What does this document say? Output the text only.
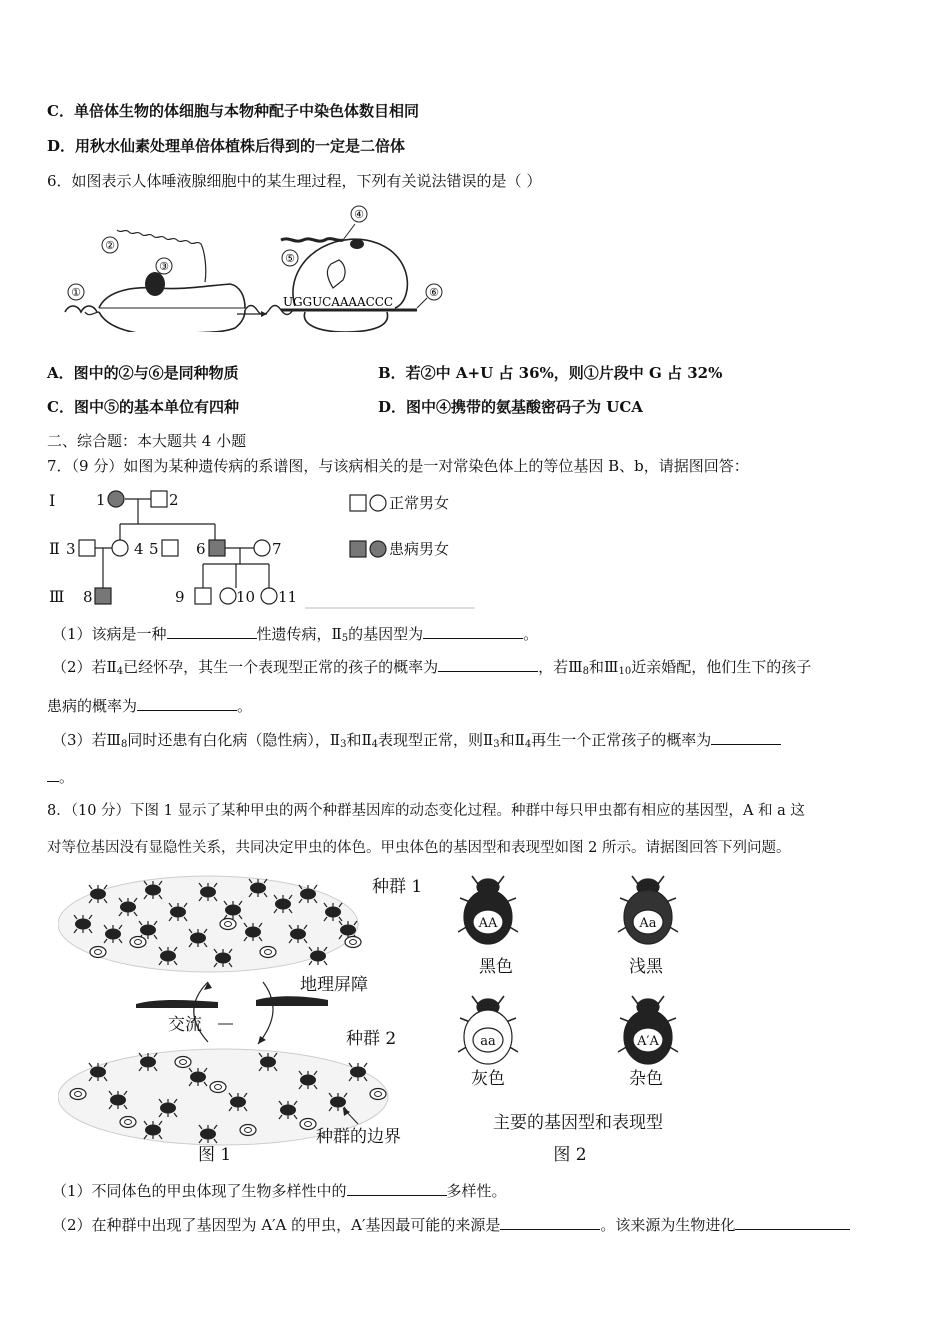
C．单倍体生物的体细胞与本物种配子中染色体数目相同
D．用秋水仙素处理单倍体植株后得到的一定是二倍体
6．如图表示人体唾液腺细胞中的某生理过程，下列有关说法错误的是（ ）
①
②
③
④
⑤
UGGUCAAAACCC
⑥
A．图中的②与⑥是同种物质	B．若②中 A+U 占 36%，则①片段中 G 占 32%
C．图中⑤的基本单位有四种	D．图中④携带的氨基酸密码子为 UCA
二、综合题：本大题共 4 小题
7．（9 分）如图为某种遗传病的系谱图，与该病相关的是一对常染色体上的等位基因 B、b，请据图回答：
Ⅰ
Ⅱ
Ⅲ
1	2
3	4 5 6	7
8	9	10 11
正常男女
患病男女
（1）该病是一种	性遗传病，$Ⅱ_5$的基因型为	。
（2）若$Ⅱ_4$已经怀孕，其生一个表现型正常的孩子的概率为	，若$Ⅲ_8$和$Ⅲ_{10}$近亲婚配，他们生下的孩子
患病的概率为	。
（3）若$Ⅲ_8$同时还患有白化病（隐性病），$Ⅱ_3$和$Ⅱ_4$表现型正常，则$Ⅱ_3$和$Ⅱ_4$再生一个正常孩子的概率为
。
8．（10 分）下图 1 显示了某种甲虫的两个种群基因库的动态变化过程。种群中每只甲虫都有相应的基因型，A 和 a 这
对等位基因没有显隐性关系，共同决定甲虫的体色。甲虫体色的基因型和表现型如图 2 所示。请据图回答下列问题。
种群 1
地理屏障
交流
种群 2
种群的边界
图 1
AA	Aa
aa	A′A
黑色	浅黑
灰色	杂色
主要的基因型和表现型
图 2
（1）不同体色的甲虫体现了生物多样性中的	多样性。
（2）在种群中出现了基因型为 A′A 的甲虫，A′基因最可能的来源是	。该来源为生物进化
